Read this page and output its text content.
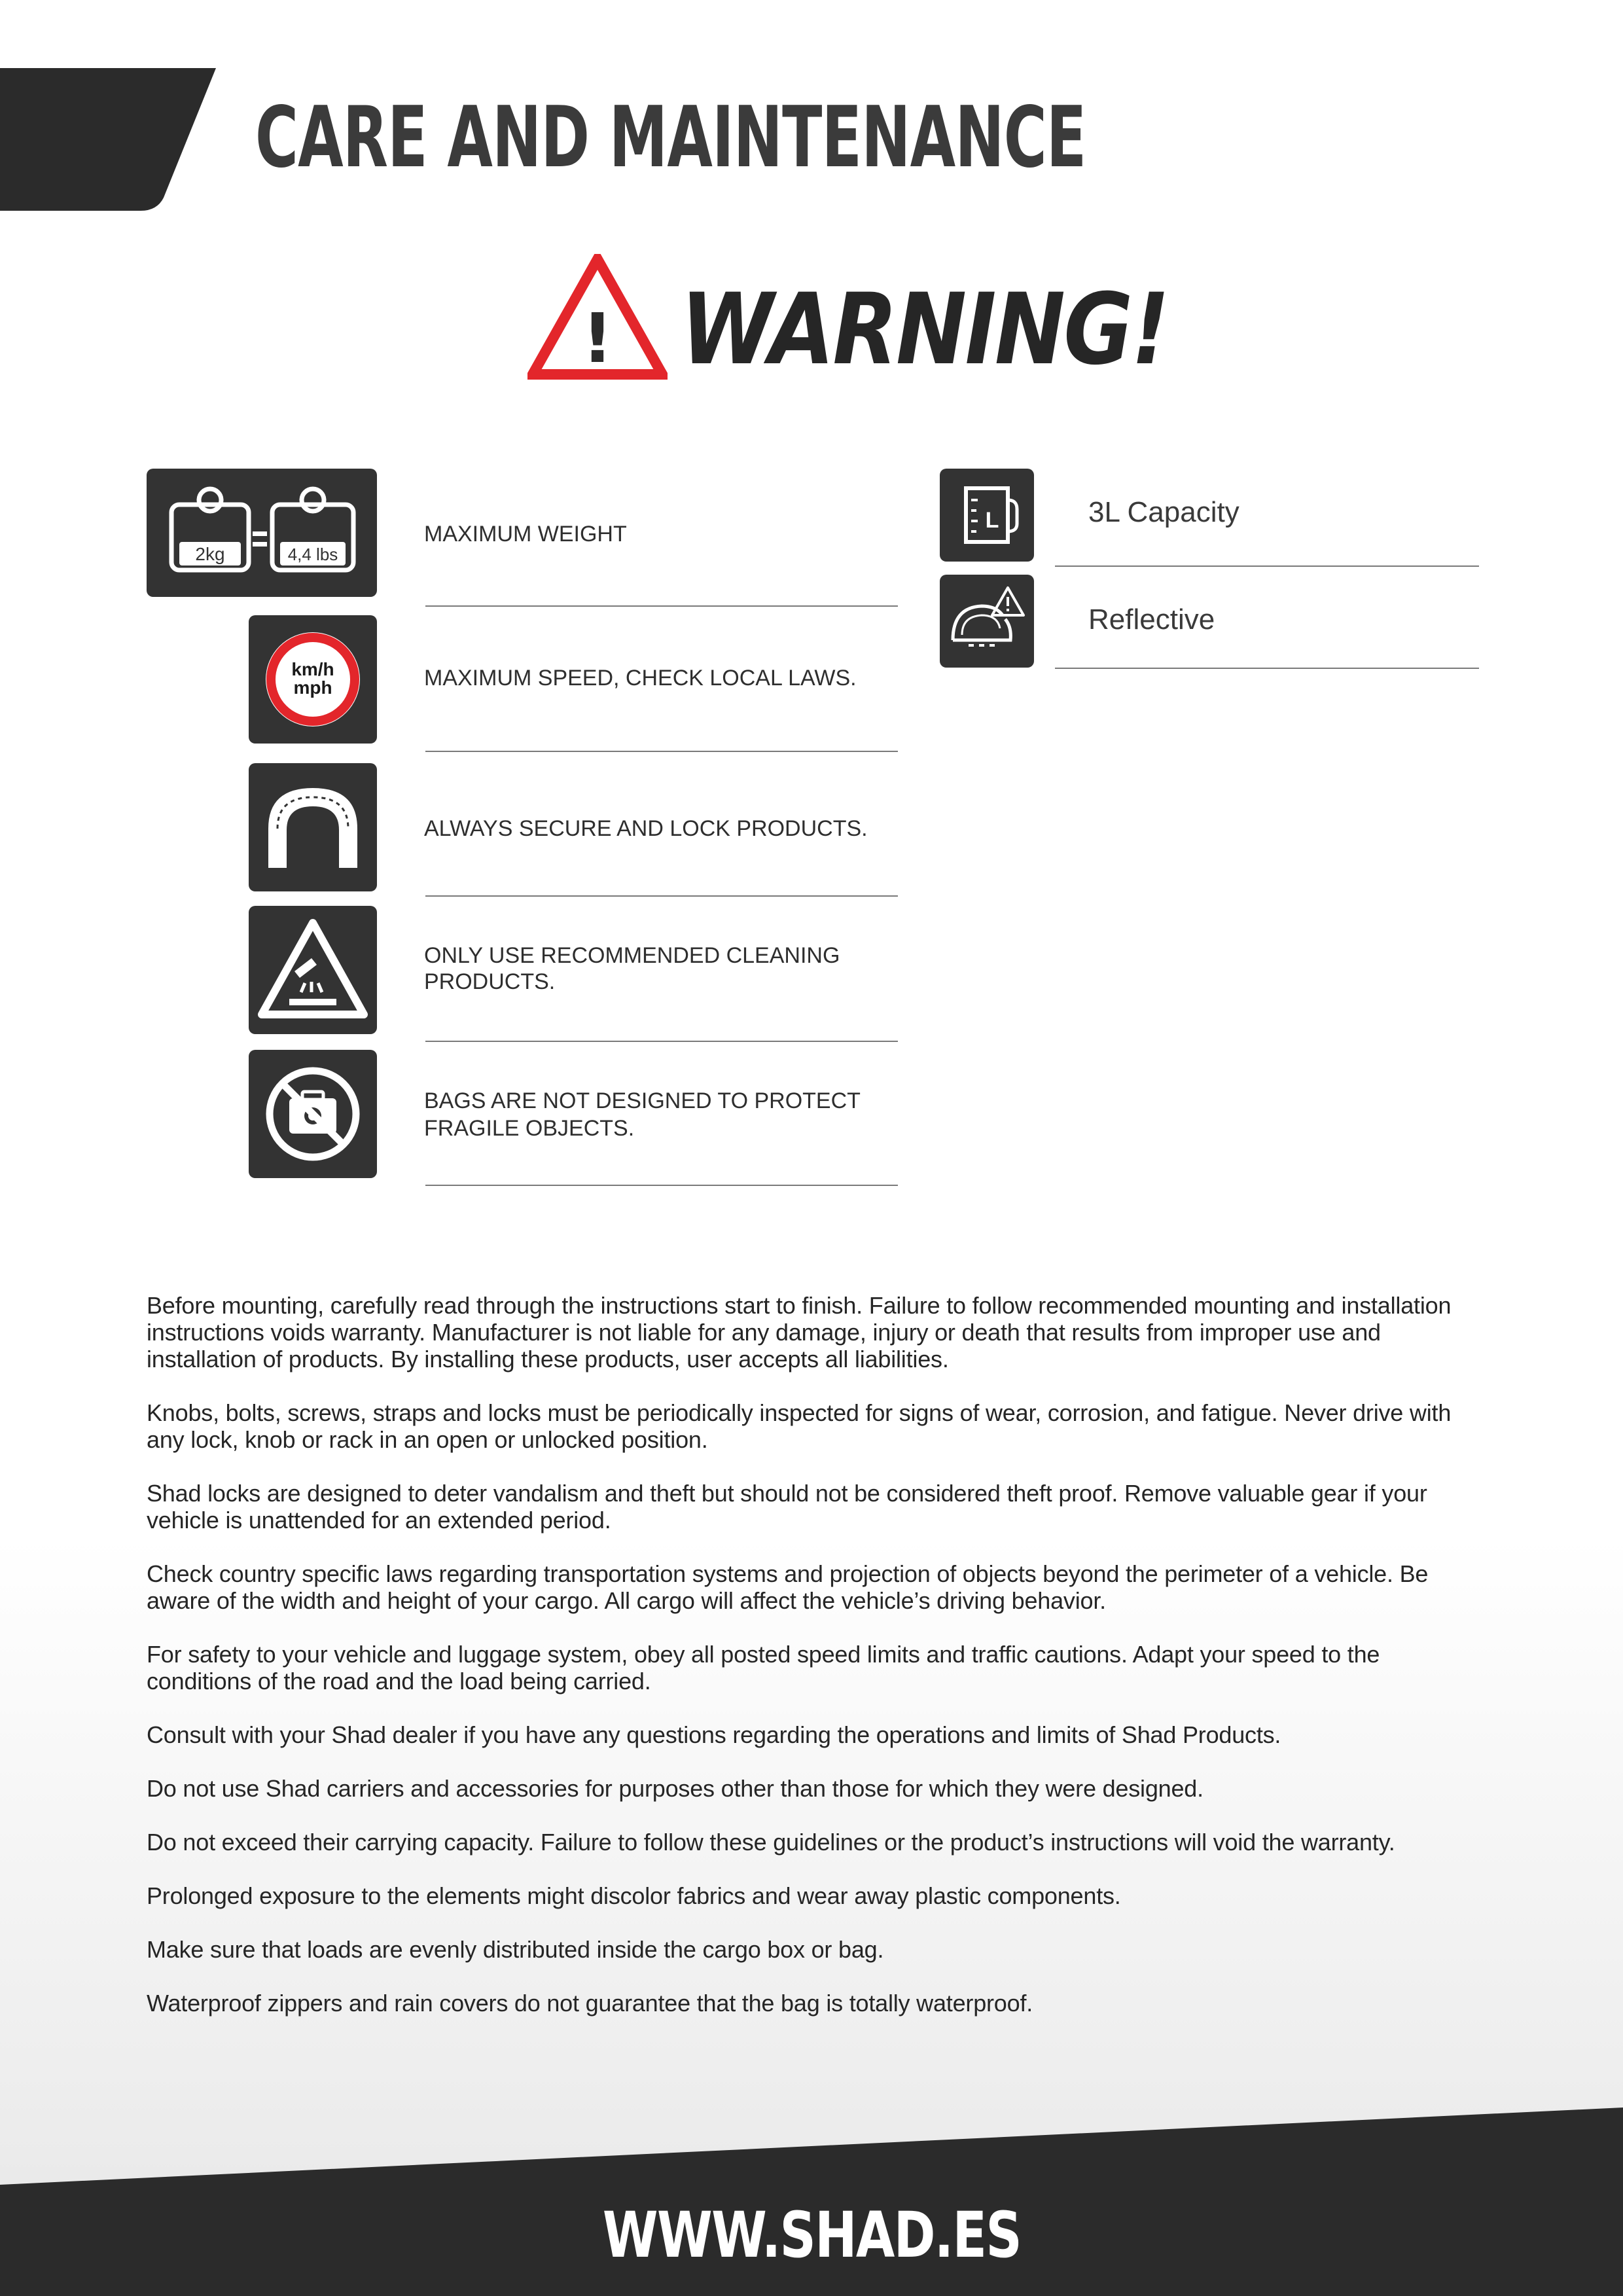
CARE AND MAINTENANCE
! WARNING!
2kg	4,4 lbs

MAXIMUM WEIGHT

km/h
mph	MAXIMUM SPEED, CHECK LOCAL LAWS.

ALWAYS SECURE AND LOCK PRODUCTS.

ONLY USE RECOMMENDED CLEANING

PRODUCTS.

BAGS ARE NOT DESIGNED TO PROTECT

FRAGILE OBJECTS.

L	3L Capacity

Reflective

Before mounting, carefully read through the instructions start to finish. Failure to follow recommended mounting and installation instructions voids warranty. Manufacturer is not liable for any damage, injury or death that results from improper use and installation of products. By installing these products, user accepts all liabilities.

Knobs, bolts, screws, straps and locks must be periodically inspected for signs of wear, corrosion, and fatigue. Never drive with any lock, knob or rack in an open or unlocked position.

Shad locks are designed to deter vandalism and theft but should not be considered theft proof. Remove valuable gear if your vehicle is unattended for an extended period.

Check country specific laws regarding transportation systems and projection of objects beyond the perimeter of a vehicle. Be aware of the width and height of your cargo. All cargo will affect the vehicle’s driving behavior.

For safety to your vehicle and luggage system, obey all posted speed limits and traffic cautions. Adapt your speed to the conditions of the road and the load being carried.

Consult with your Shad dealer if you have any questions regarding the operations and limits of Shad Products.

Do not use Shad carriers and accessories for purposes other than those for which they were designed.

Do not exceed their carrying capacity. Failure to follow these guidelines or the product’s instructions will void the warranty.

Prolonged exposure to the elements might discolor fabrics and wear away plastic components.

Make sure that loads are evenly distributed inside the cargo box or bag.

Waterproof zippers and rain covers do not guarantee that the bag is totally waterproof.

WWW.SHAD.ES
